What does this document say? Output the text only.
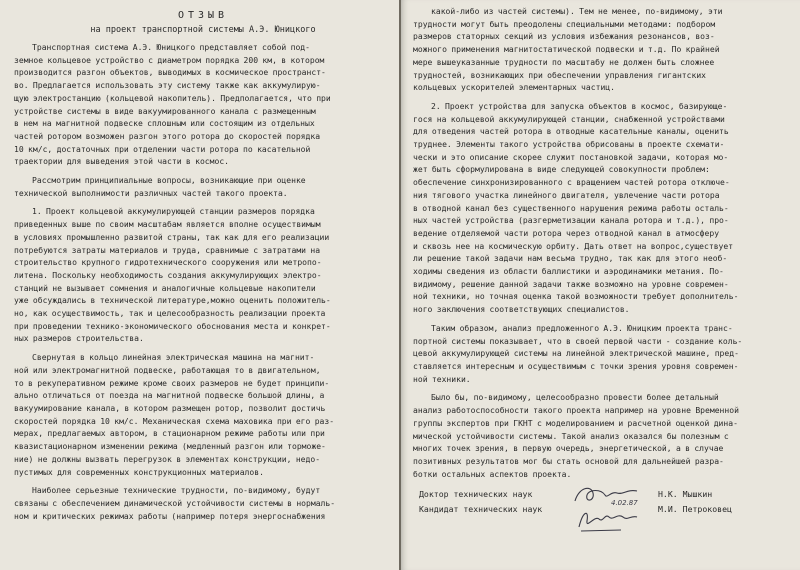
ОТЗЫВ
на проект транспортной системы А.Э. Юницкого
Транспортная система А.Э. Юницкого представляет собой под-
земное кольцевое устройство с диаметром порядка 200 км, в котором
производится разгон объектов, выводимых в космическое пространст-
во. Предлагается использовать эту систему также как аккумулирую-
щую электростанцию (кольцевой накопитель). Предполагается, что при
устройстве системы в виде вакуумированного канала с размещенным
в нем на магнитной подвеске сплошным или состоящим из отдельных
частей ротором возможен разгон этого ротора до скоростей порядка
10 км/с, достаточных при отделении части ротора по касательной
траектории для выведения этой части в космос.
Рассмотрим принципиальные вопросы, возникающие при оценке
технической выполнимости различных частей такого проекта.
1. Проект кольцевой аккумулирующей станции размеров порядка
приведенных выше по своим масштабам является вполне осуществимым
в условиях промышленно развитой страны, так как для его реализации
потребуются затраты материалов и труда, сравнимые с затратами на
строительство крупного гидротехнического сооружения или метропо-
литена. Поскольку необходимость создания аккумулирующих электро-
станций не вызывает сомнения и аналогичные кольцевые накопители
уже обсуждались в технической литературе,можно оценить положитель-
но, как осуществимость, так и целесообразность реализации проекта
при проведении технико-экономического обоснования места и конкрет-
ных размеров строительства.
Свернутая в кольцо линейная электрическая машина на магнит-
ной или электромагнитной подвеске, работающая то в двигательном,
то в рекуперативном режиме кроме своих размеров не будет принципи-
ально отличаться от поезда на магнитной подвеске большой длины, а
вакуумирование канала, в котором размещен ротор, позволит достичь
скоростей порядка 10 км/с. Механическая схема маховика при его раз-
мерах, предлагаемых автором, в стационарном режиме работы или при
квазистационарном изменении режима (медленный разгон или торможе-
ние) не должны вызвать перегрузок в элементах конструкции, недо-
пустимых для современных конструкционных материалов.
Наиболее серьезные технические трудности, по-видимому, будут
связаны с обеспечением динамической устойчивости системы в нормаль-
ном и критических режимах работы (например потеря энергоснабжения
какой-либо из частей системы). Тем не менее, по-видимому, эти
трудности могут быть преодолены специальными методами: подбором
размеров статорных секций из условия избежания резонансов, воз-
можного применения магнитостатической подвески и т.д. По крайней
мере вышеуказанные трудности по масштабу не должен быть сложнее
трудностей, возникающих при обеспечении управления гигантских
кольцевых ускорителей элементарных частиц.
2. Проект устройства для запуска объектов в космос, базирующе-
гося на кольцевой аккумулирующей станции, снабженной устройствами
для отведения частей ротора в отводные касательные каналы, оценить
труднее. Элементы такого устройства обрисованы в проекте схемати-
чески и это описание скорее служит постановкой задачи, которая мо-
жет быть сформулирована в виде следующей совокупности проблем:
обеспечение синхронизированного с вращением частей ротора отключе-
ния тягового участка линейного двигателя, увлечение части ротора
в отводной канал без существенного нарушения режима работы осталь-
ных частей устройства (разгерметизации канала ротора и т.д.), про-
ведение отделяемой части ротора через отводной канал в атмосферу
и сквозь нее на космическую орбиту. Дать ответ на вопрос,существует
ли решение такой задачи нам весьма трудно, так как для этого необ-
ходимы сведения из области баллистики и аэродинамики метания. По-
видимому, решение данной задачи также возможно на уровне современ-
ной техники, но точная оценка такой возможности требует дополнитель-
ного заключения соответствующих специалистов.
Таким образом, анализ предложенного А.Э. Юницким проекта транс-
портной системы показывает, что в своей первой части - создание коль-
цевой аккумулирующей системы на линейной электрической машине, пред-
ставляется интересным и осуществимым с точки зрения уровня современ-
ной техники.
Было бы, по-видимому, целесообразно провести более детальный
анализ работоспособности такого проекта например на уровне Временной
группы экспертов при ГКНТ с моделированием и расчетной оценкой дина-
мической устойчивости системы. Такой анализ оказался бы полезным с
многих точек зрения, в первую очередь, энергетической, а в случае
позитивных результатов мог бы стать основой для дальнейшей разра-
ботки остальных аспектов проекта.
Доктор технических наук	Н.К. Мышкин
Кандидат технических наук	М.И. Петроковец
4.02.87
